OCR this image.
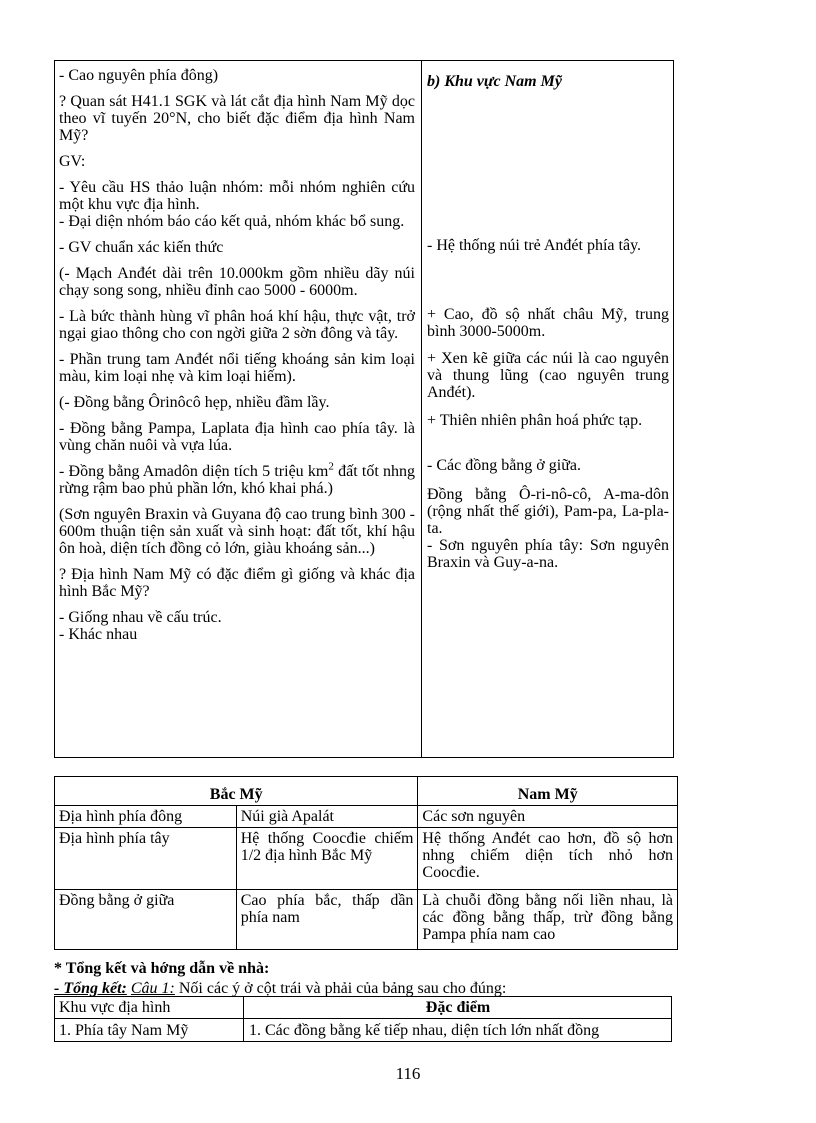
- Cao nguyên phía đông)

? Quan sát H41.1 SGK và lát cắt địa hình Nam Mỹ dọc theo vĩ tuyến 20°N, cho biết đặc điểm địa hình Nam Mỹ?

GV:

- Yêu cầu HS thảo luận nhóm: mỗi nhóm nghiên cứu một khu vực địa hình.

- Đại diện nhóm báo cáo kết quả, nhóm khác bổ sung.

- GV chuẩn xác kiến thức

(- Mạch Anđét dài trên 10.000km gồm nhiều dãy núi chạy song song, nhiều đỉnh cao 5000 - 6000m.

- Là bức thành hùng vĩ phân hoá khí hậu, thực vật, trở ngại giao thông cho con ngời giữa 2 sờn đông và tây.

- Phần trung tam Anđét nổi tiếng khoáng sản kim loại màu, kim loại nhẹ và kim loại hiếm).

(- Đồng bằng Ôrinôcô hẹp, nhiều đầm lầy.

- Đồng bằng Pampa, Laplata địa hình cao phía tây. là vùng chăn nuôi và vựa lúa.

- Đồng bằng Amadôn diện tích 5 triệu $km^2$ đất tốt nhng rừng rậm bao phủ phần lớn, khó khai phá.)

(Sơn nguyên Braxin và Guyana độ cao trung bình 300 - 600m thuận tiện sản xuất và sinh hoạt: đất tốt, khí hậu ôn hoà, diện tích đồng cỏ lớn, giàu khoáng sản...)

? Địa hình Nam Mỹ có đặc điểm gì giống và khác địa hình Bắc Mỹ?

- Giống nhau về cấu trúc.

- Khác nhau

b) Khu vực Nam Mỹ

- Hệ thống núi trẻ Anđét phía tây.

+ Cao, đồ sộ nhất châu Mỹ, trung bình 3000-5000m.

+ Xen kẽ giữa các núi là cao nguyên và thung lũng (cao nguyên trung Anđét).

+ Thiên nhiên phân hoá phức tạp.

- Các đồng bằng ở giữa.

Đồng bằng Ô-ri-nô-cô, A-ma-dôn (rộng nhất thế giới), Pam-pa, La-pla-ta.

- Sơn nguyên phía tây: Sơn nguyên Braxin và Guy-a-na.

Bắc Mỹ		Nam Mỹ
Địa hình phía đông	Núi già Apalát	Các sơn nguyên
Địa hình phía tây	Hệ thống Coocđie chiếm 1/2 địa hình Bắc Mỹ	Hệ thống Anđét cao hơn, đồ sộ hơn nhng chiếm diện tích nhỏ hơn Coocđie.
Đồng bằng ở giữa	Cao phía bắc, thấp dần phía nam	Là chuỗi đồng bằng nối liền nhau, là các đồng bằng thấp, trừ đồng bằng Pampa phía nam cao

* Tổng kết và hớng dẫn về nhà:

- Tổng kết: Câu 1: Nối các ý ở cột trái và phải của bảng sau cho đúng:

Khu vực địa hình	Đặc điểm
1. Phía tây Nam Mỹ	1. Các đồng bằng kế tiếp nhau, diện tích lớn nhất đồng
116
